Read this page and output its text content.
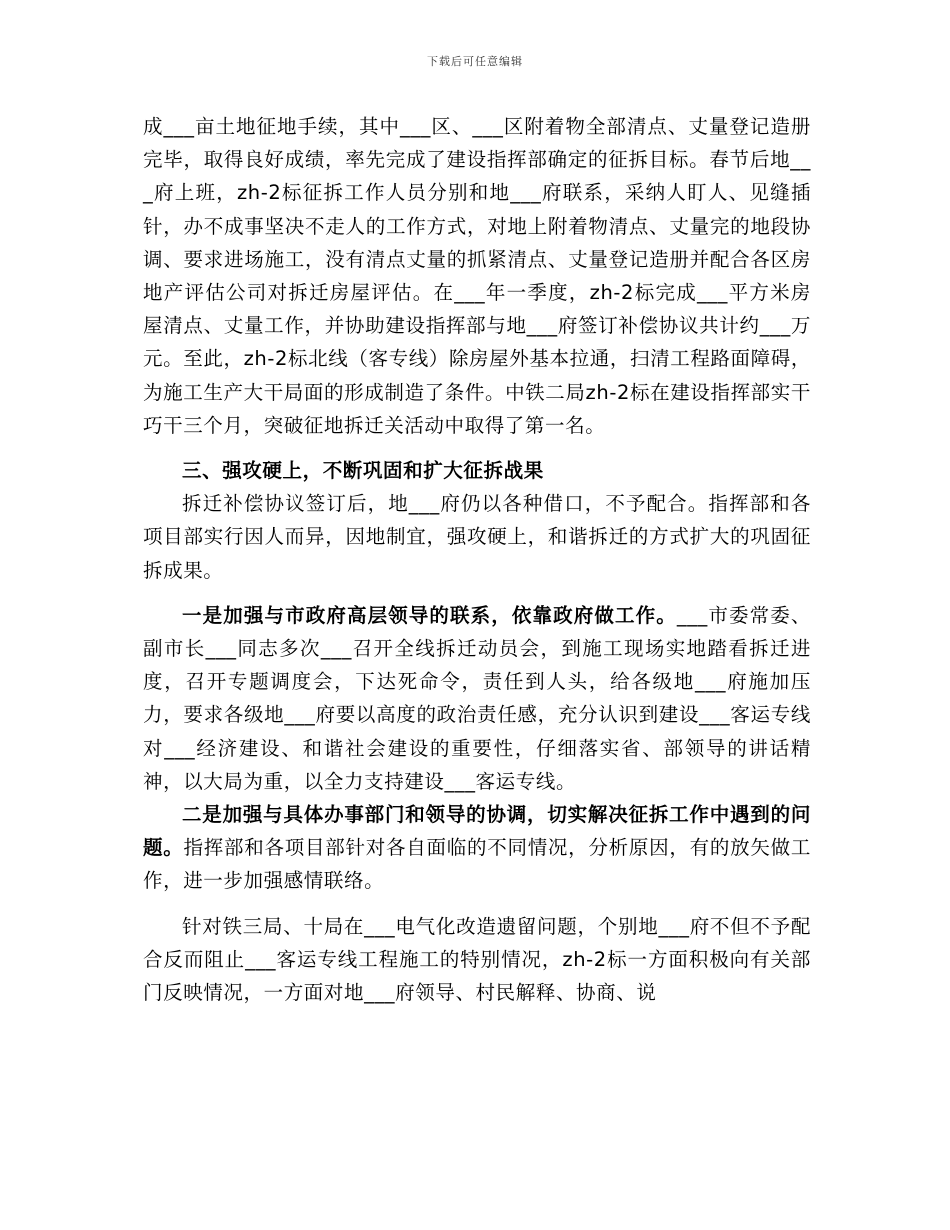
下载后可任意编辑

成___亩土地征地手续，其中___区、___区附着物全部清点、丈量登记造册完毕，取得良好成绩，率先完成了建设指挥部确定的征拆目标。春节后地___府上班，zh-2标征拆工作人员分别和地___府联系，采纳人盯人、见缝插针，办不成事坚决不走人的工作方式，对地上附着物清点、丈量完的地段协调、要求进场施工，没有清点丈量的抓紧清点、丈量登记造册并配合各区房地产评估公司对拆迁房屋评估。在___年一季度，zh-2标完成___平方米房屋清点、丈量工作，并协助建设指挥部与地___府签订补偿协议共计约___万元。至此，zh-2标北线（客专线）除房屋外基本拉通，扫清工程路面障碍，为施工生产大干局面的形成制造了条件。中铁二局zh-2标在建设指挥部实干巧干三个月，突破征地拆迁关活动中取得了第一名。

三、强攻硬上，不断巩固和扩大征拆战果

拆迁补偿协议签订后，地___府仍以各种借口，不予配合。指挥部和各项目部实行因人而异，因地制宜，强攻硬上，和谐拆迁的方式扩大的巩固征拆成果。

一是加强与市政府高层领导的联系，依靠政府做工作。___市委常委、副市长___同志多次___召开全线拆迁动员会，到施工现场实地踏看拆迁进度，召开专题调度会，下达死命令，责任到人头，给各级地___府施加压力，要求各级地___府要以高度的政治责任感，充分认识到建设___客运专线对___经济建设、和谐社会建设的重要性，仔细落实省、部领导的讲话精神，以大局为重，以全力支持建设___客运专线。

二是加强与具体办事部门和领导的协调，切实解决征拆工作中遇到的问题。指挥部和各项目部针对各自面临的不同情况，分析原因，有的放矢做工作，进一步加强感情联络。

针对铁三局、十局在___电气化改造遗留问题，个别地___府不但不予配合反而阻止___客运专线工程施工的特别情况，zh-2标一方面积极向有关部门反映情况，一方面对地___府领导、村民解释、协商、说
